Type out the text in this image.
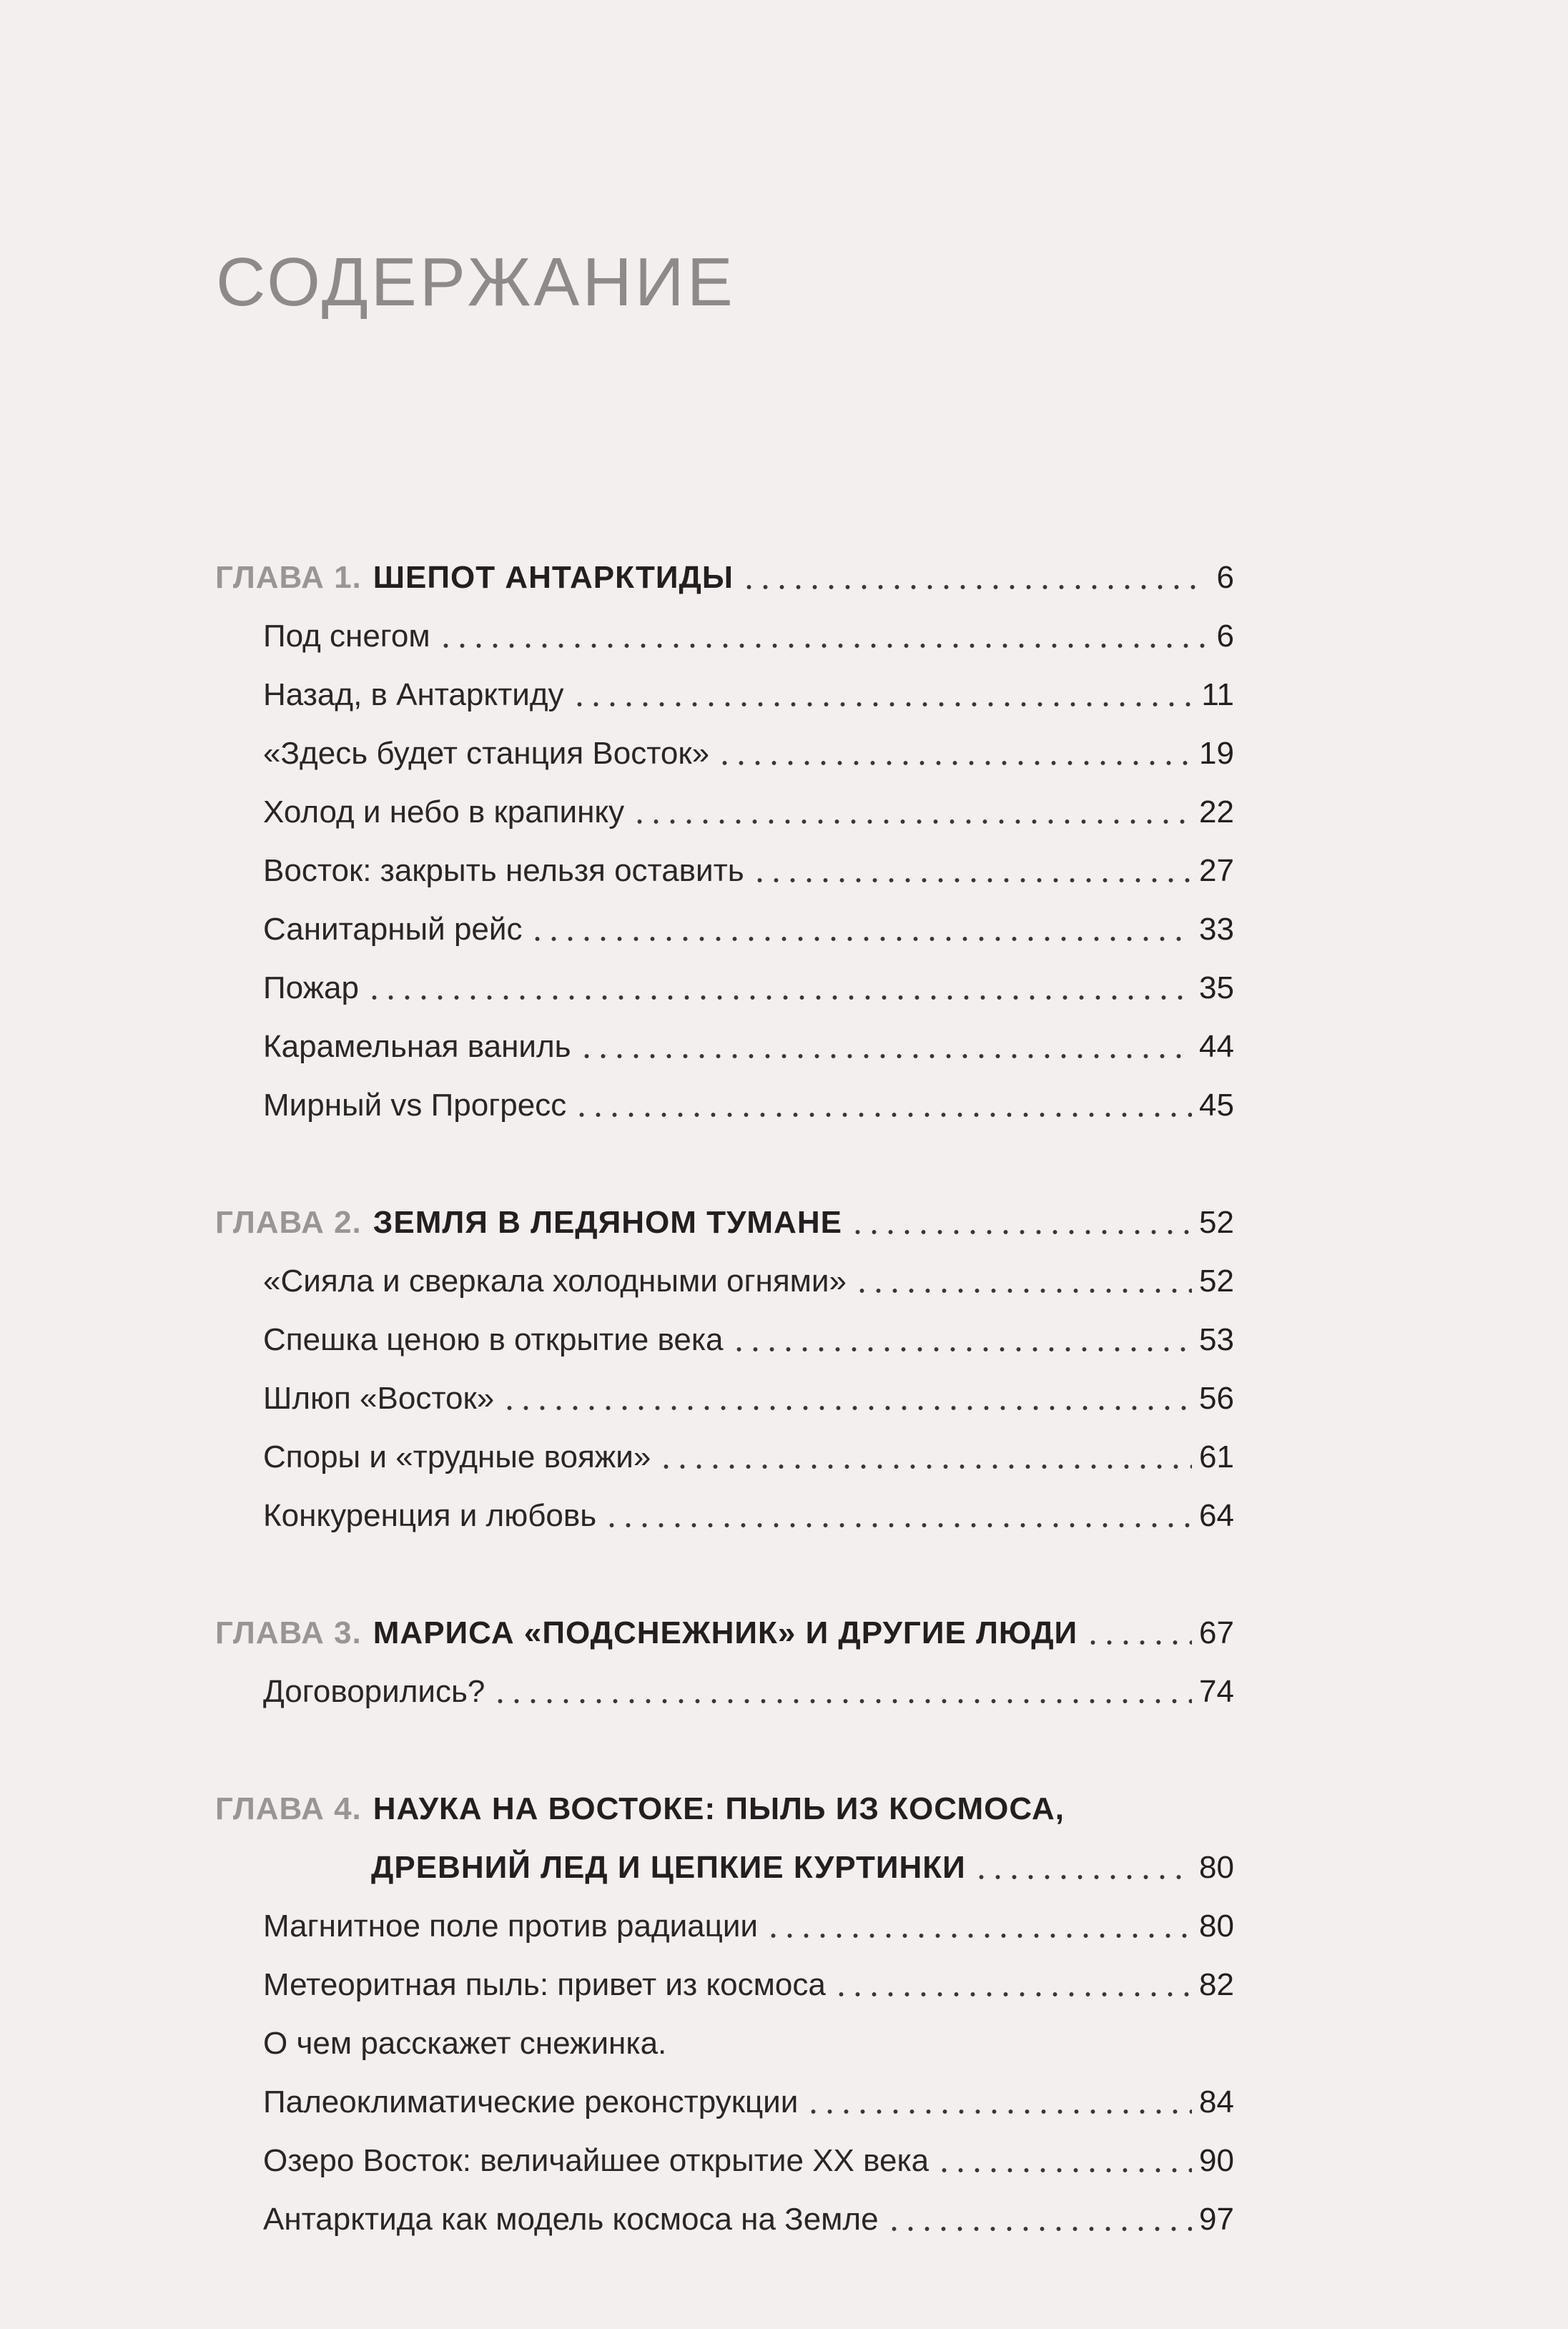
СОДЕРЖАНИЕ
ГЛАВА 1. ШЕПОТ АНТАРКТИДЫ	6
Под снегом	6
Назад, в Антарктиду	11
«Здесь будет станция Восток»	19
Холод и небо в крапинку	22
Восток: закрыть нельзя оставить	27
Санитарный рейс	33
Пожар	35
Карамельная ваниль	44
Мирный vs Прогресс	45
ГЛАВА 2. ЗЕМЛЯ В ЛЕДЯНОМ ТУМАНЕ	52
«Сияла и сверкала холодными огнями»	52
Спешка ценою в открытие века	53
Шлюп «Восток»	56
Споры и «трудные вояжи»	61
Конкуренция и любовь	64
ГЛАВА 3. МАРИСА «ПОДСНЕЖНИК» И ДРУГИЕ ЛЮДИ	67
Договорились?	74
ГЛАВА 4. НАУКА НА ВОСТОКЕ: ПЫЛЬ ИЗ КОСМОСА,
ДРЕВНИЙ ЛЕД И ЦЕПКИЕ КУРТИНКИ	80
Магнитное поле против радиации	80
Метеоритная пыль: привет из космоса	82
О чем расскажет снежинка.
Палеоклиматические реконструкции	84
Озеро Восток: величайшее открытие XX века	90
Антарктида как модель космоса на Земле	97
